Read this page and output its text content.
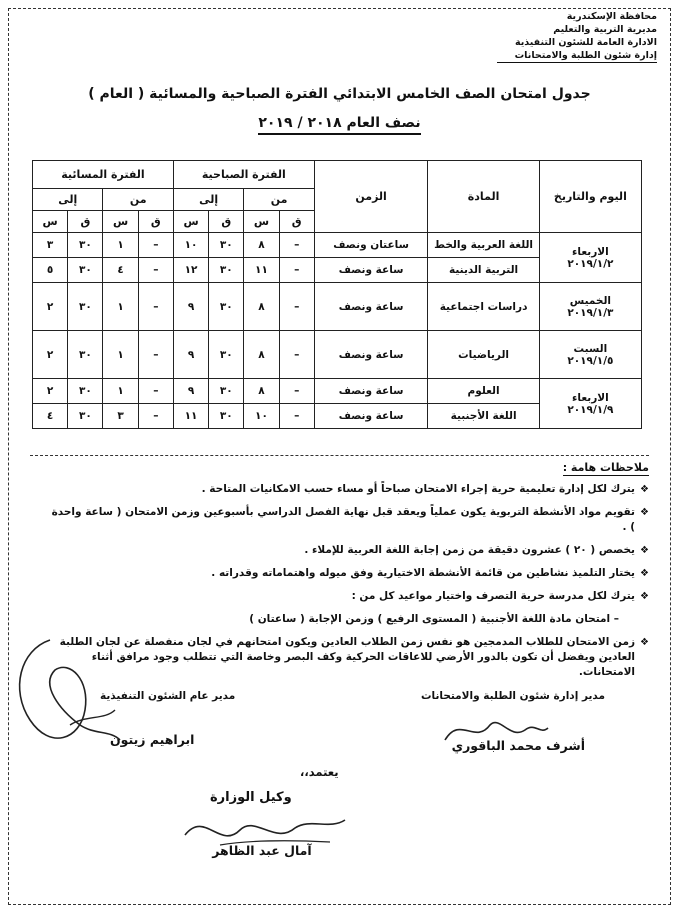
محافظة الإسكندرية
مديرية التربية والتعليم
الادارة العامة للشئون التنفيذية
إدارة شئون الطلبة والامتحانات
جدول امتحان الصف الخامس الابتدائي الفترة الصباحية والمسائية ( العام )
نصف العام ٢٠١٨ / ٢٠١٩
اليوم والتاريخ	المادة	الزمن	الفترة الصباحية				الفترة المسائية			
			من		إلى		من		إلى	
			ق	س	ق	س	ق	س	ق	س

الاربعاء
٢٠١٩/١/٢	اللغة العربية والخط	ساعتان ونصف	–	٨	٣٠	١٠	–	١	٣٠	٣
	التربية الدينية	ساعة ونصف	–	١١	٣٠	١٢	–	٤	٣٠	٥

الخميس
٢٠١٩/١/٣	دراسات اجتماعية	ساعة ونصف	–	٨	٣٠	٩	–	١	٣٠	٢

السبت
٢٠١٩/١/٥	الرياضيات	ساعة ونصف	–	٨	٣٠	٩	–	١	٣٠	٢

الاربعاء
٢٠١٩/١/٩	العلوم	ساعة ونصف	–	٨	٣٠	٩	–	١	٣٠	٢
	اللغة الأجنبية	ساعة ونصف	–	١٠	٣٠	١١	–	٣	٣٠	٤
ملاحظات هامة :
❖
يترك لكل إدارة تعليمية حرية إجراء الامتحان صباحاً أو مساء حسب الامكانيات المتاحة .
❖
تقويم مواد الأنشطة التربوية يكون عملياً ويعقد قبل نهاية الفصل الدراسي بأسبوعين وزمن الامتحان ( ساعة واحدة ) .
❖
يخصص ( ٢٠ ) عشرون دقيقة من زمن إجابة اللغة العربية للإملاء .
❖
يختار التلميذ نشاطين من قائمة الأنشطة الاختيارية وفق ميوله واهتماماته وقدراته .
❖
يترك لكل مدرسة حرية التصرف واختيار مواعيد كل من :
– امتحان مادة اللغة الأجنبية ( المستوى الرفيع ) وزمن الإجابة ( ساعتان )
❖
زمن الامتحان للطلاب المدمجين هو نفس زمن الطلاب العادين ويكون امتحانهم في لجان منفصلة عن لجان الطلبة العادين ويفضل أن تكون بالدور الأرضي للاعاقات الحركية وكف البصر وخاصة التي تتطلب وجود مرافق أثناء الامتحانات.
مدير إدارة شئون الطلبة والامتحانات
أشرف محمد الباقوري
مدير عام الشئون التنفيذية
ابراهيم زيتون
يعتمد،،
وكيل الوزارة
آمال عبد الظاهر
